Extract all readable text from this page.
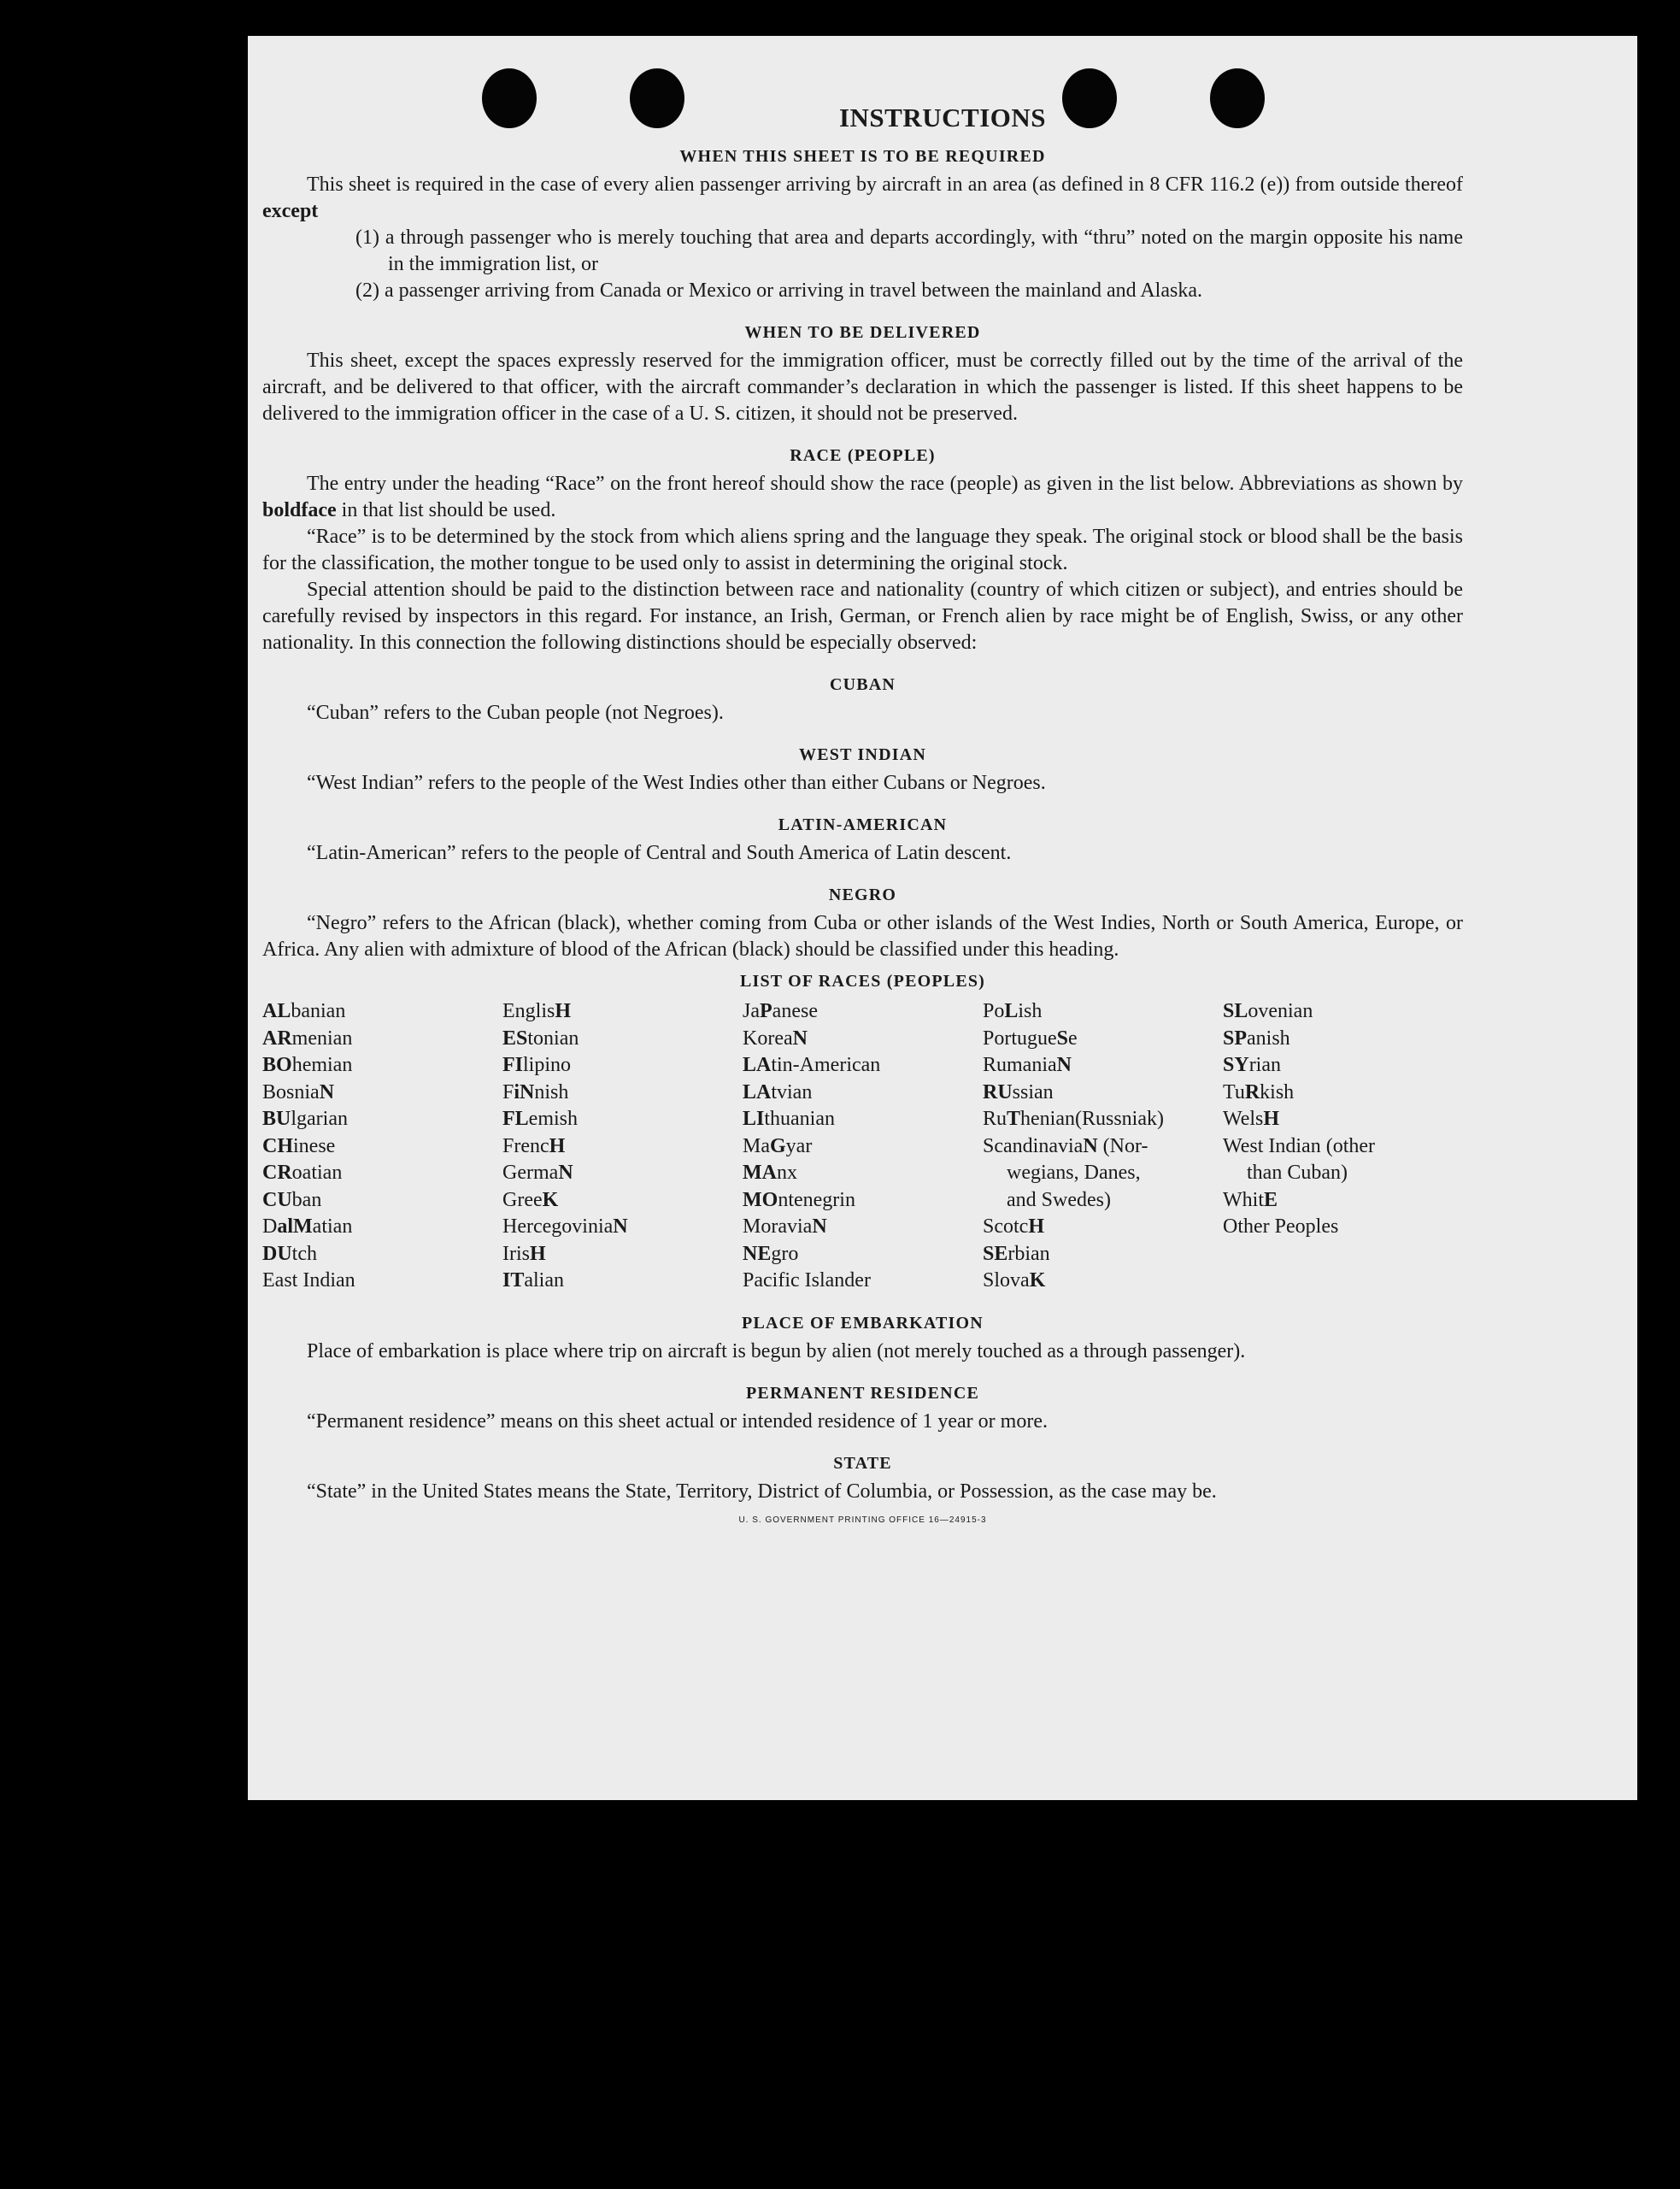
INSTRUCTIONS
WHEN THIS SHEET IS TO BE REQUIRED

This sheet is required in the case of every alien passenger arriving by aircraft in an area (as defined in 8 CFR 116.2 (e)) from outside thereof except

(1) a through passenger who is merely touching that area and departs accordingly, with “thru” noted on the margin opposite his name in the immigration list, or
(2) a passenger arriving from Canada or Mexico or arriving in travel between the mainland and Alaska.
WHEN TO BE DELIVERED

This sheet, except the spaces expressly reserved for the immigration officer, must be correctly filled out by the time of the arrival of the aircraft, and be delivered to that officer, with the aircraft commander’s declaration in which the passenger is listed. If this sheet happens to be delivered to the immigration officer in the case of a U. S. citizen, it should not be preserved.

RACE (PEOPLE)

The entry under the heading “Race” on the front hereof should show the race (people) as given in the list below. Abbreviations as shown by boldface in that list should be used.

“Race” is to be determined by the stock from which aliens spring and the language they speak. The original stock or blood shall be the basis for the classification, the mother tongue to be used only to assist in determining the original stock.

Special attention should be paid to the distinction between race and nationality (country of which citizen or subject), and entries should be carefully revised by inspectors in this regard. For instance, an Irish, German, or French alien by race might be of English, Swiss, or any other nationality. In this connection the following distinctions should be especially observed:

CUBAN

“Cuban” refers to the Cuban people (not Negroes).

WEST INDIAN

“West Indian” refers to the people of the West Indies other than either Cubans or Negroes.

LATIN-AMERICAN

“Latin-American” refers to the people of Central and South America of Latin descent.

NEGRO

“Negro” refers to the African (black), whether coming from Cuba or other islands of the West Indies, North or South America, Europe, or Africa. Any alien with admixture of blood of the African (black) should be classified under this heading.

LIST OF RACES (PEOPLES)
ALbanian
ARmenian
BOhemian
BosniaN
BUlgarian
CHinese
CRoatian
CUban
DalMatian
DUtch
East Indian
EnglisH
EStonian
FIlipino
FiNnish
FLemish
FrencH
GermaN
GreeK
HercegoviniaN
IrisH
ITalian
JaPanese
KoreaN
LAtin-American
LAtvian
LIthuanian
MaGyar
MAnx
MOntenegrin
MoraviaN
NEgro
Pacific Islander
PoLish
PortugueSe
RumaniaN
RUssian
RuThenian(Russniak)
ScandinaviaN (Nor-
wegians, Danes,
and Swedes)
ScotcH
SErbian
SlovaK
SLovenian
SPanish
SYrian
TuRkish
WelsH
West Indian (other
than Cuban)
WhitE
Other Peoples
PLACE OF EMBARKATION

Place of embarkation is place where trip on aircraft is begun by alien (not merely touched as a through passenger).

PERMANENT RESIDENCE

“Permanent residence” means on this sheet actual or intended residence of 1 year or more.

STATE

“State” in the United States means the State, Territory, District of Columbia, or Possession, as the case may be.

U. S. GOVERNMENT PRINTING OFFICE 16—24915-3
